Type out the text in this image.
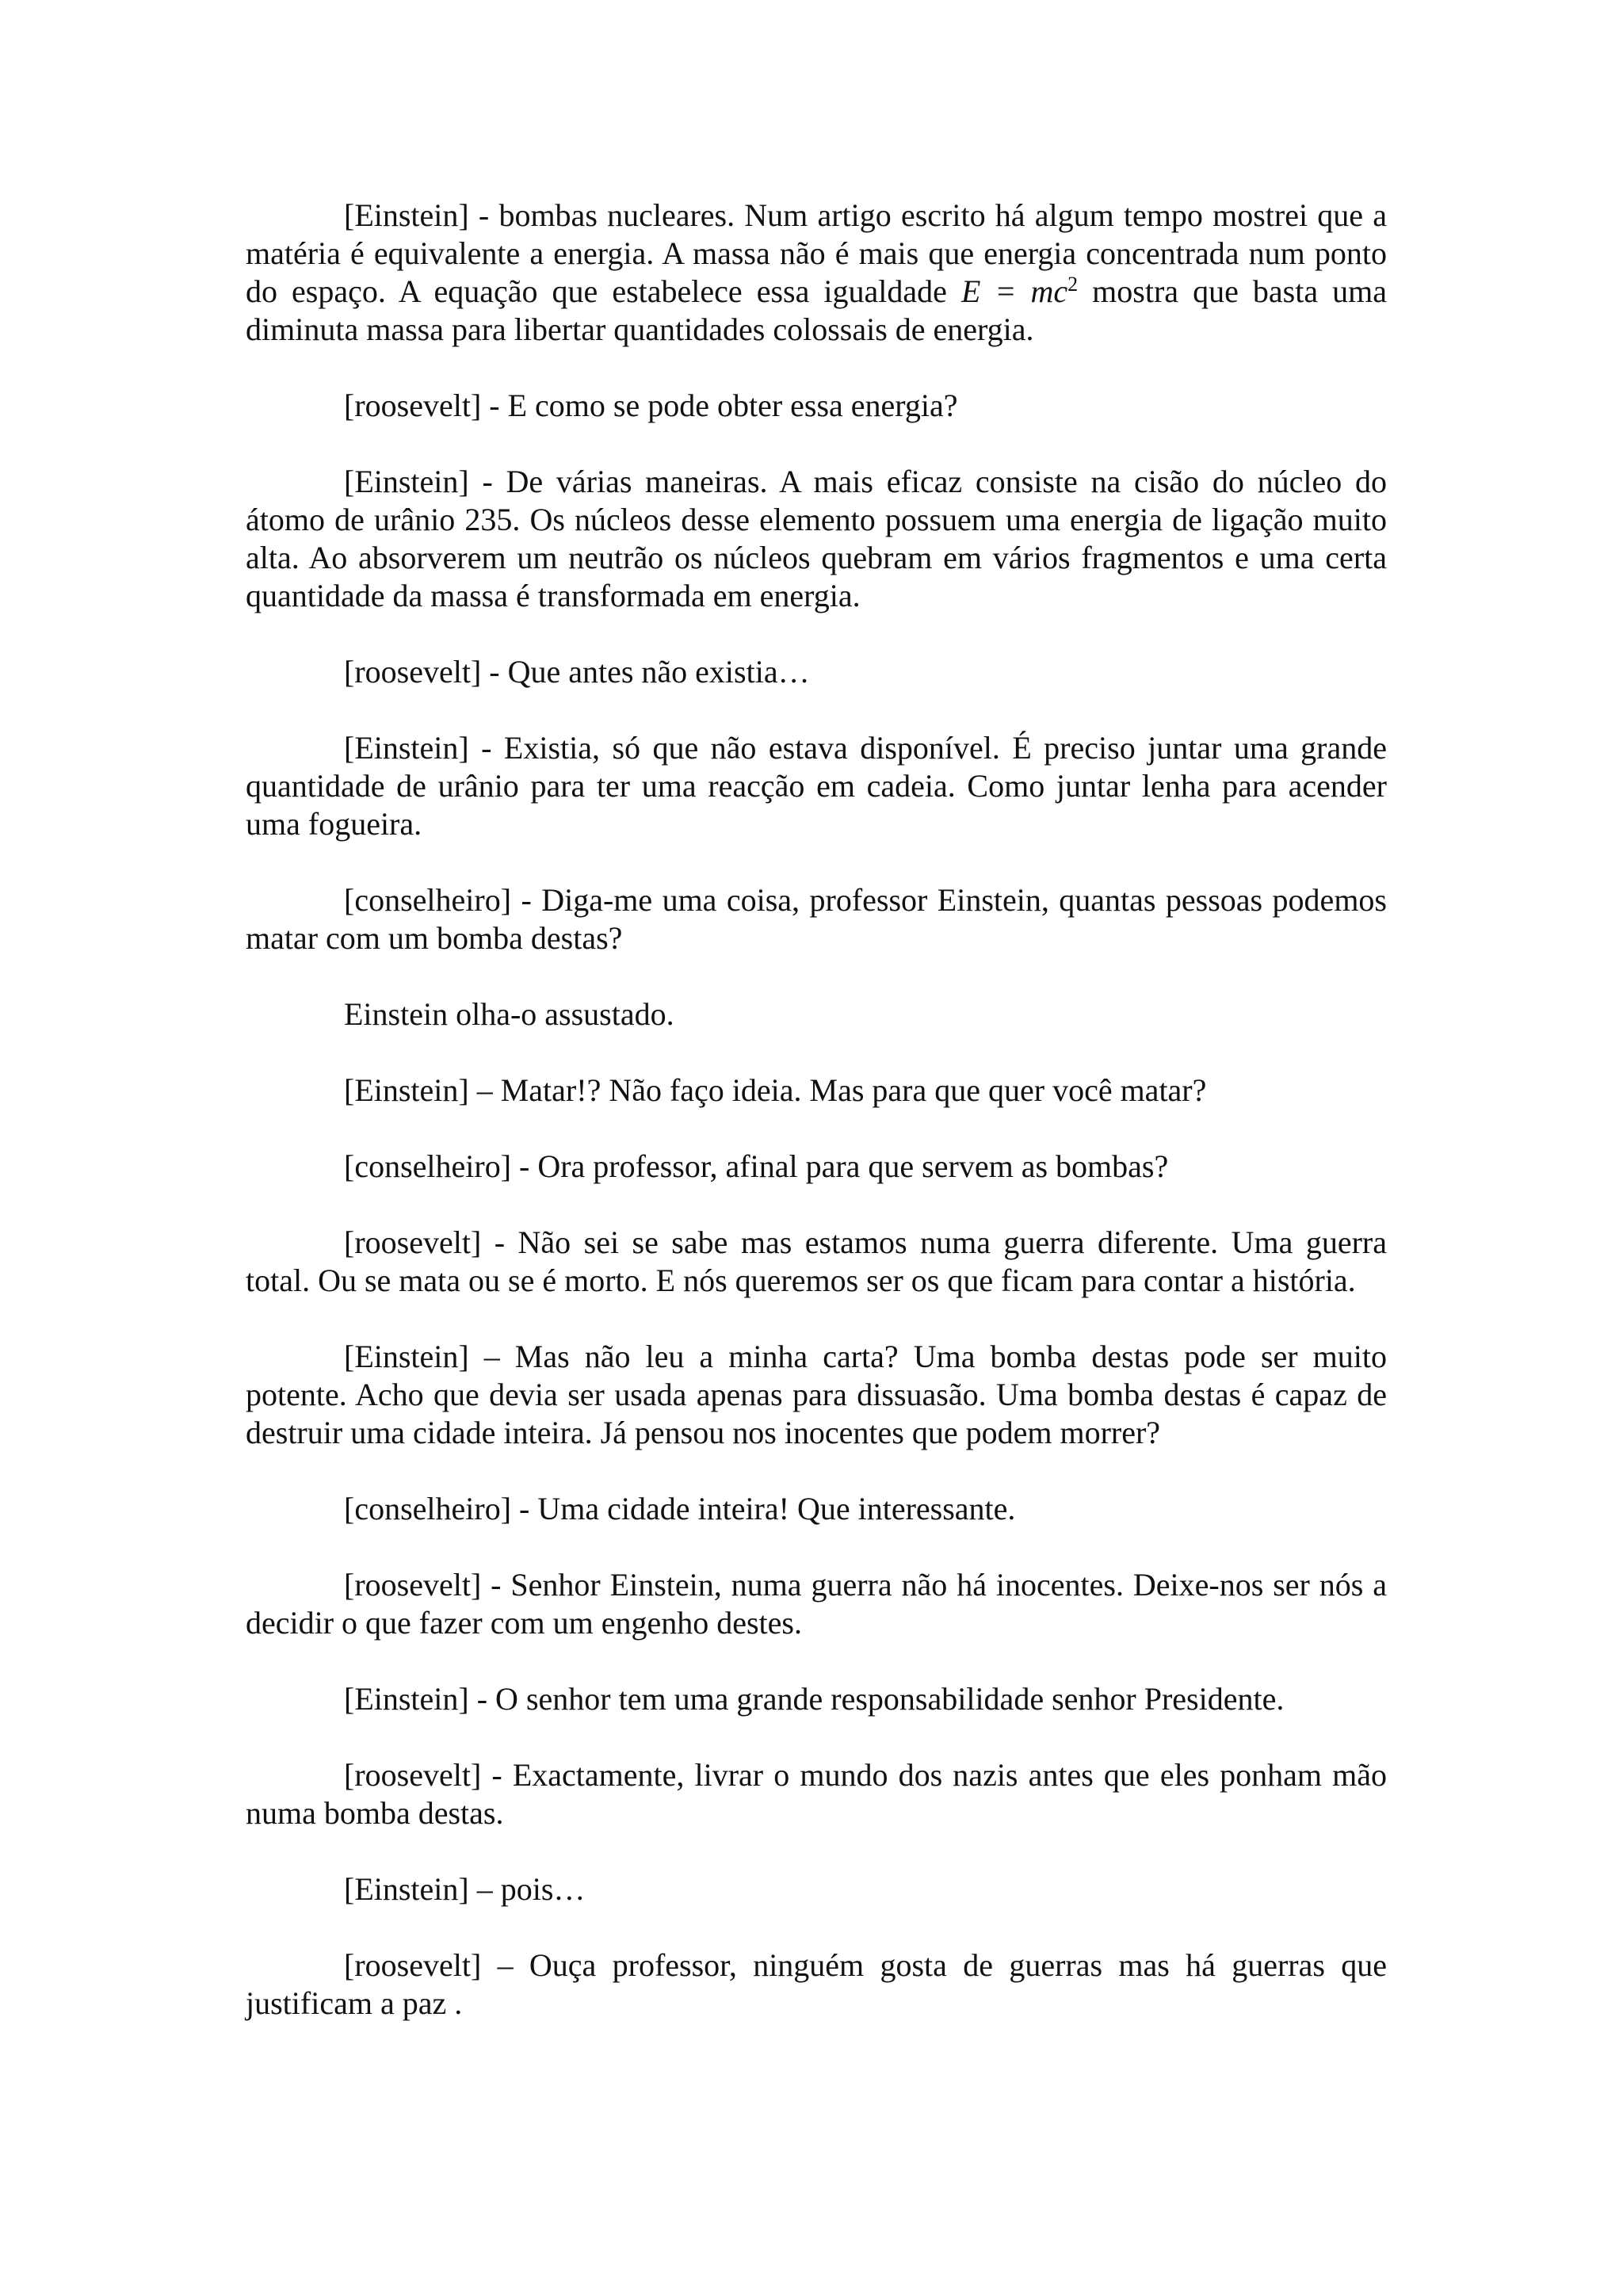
[Einstein] - bombas nucleares. Num artigo escrito há algum tempo mostrei que a matéria é equivalente a energia. A massa não é mais que energia concentrada num ponto do espaço. A equação que estabelece essa igualdade $E = mc^2$ mostra que basta uma diminuta massa para libertar quantidades colossais de energia.

[roosevelt] - E como se pode obter essa energia?

[Einstein] - De várias maneiras. A mais eficaz consiste na cisão do núcleo do átomo de urânio 235. Os núcleos desse elemento possuem uma energia de ligação muito alta. Ao absorverem um neutrão os núcleos quebram em vários fragmentos e uma certa quantidade da massa é transformada em energia.

[roosevelt] - Que antes não existia…

[Einstein] - Existia, só que não estava disponível. É preciso juntar uma grande quantidade de urânio para ter uma reacção em cadeia. Como juntar lenha para acender uma fogueira.

[conselheiro] - Diga-me uma coisa, professor Einstein, quantas pessoas podemos matar com um bomba destas?

Einstein olha-o assustado.

[Einstein] – Matar!? Não faço ideia. Mas para que quer você matar?

[conselheiro] - Ora professor, afinal para que servem as bombas?

[roosevelt] - Não sei se sabe mas estamos numa guerra diferente. Uma guerra total. Ou se mata ou se é morto. E nós queremos ser os que ficam para contar a história.

[Einstein] – Mas não leu a minha carta? Uma bomba destas pode ser muito potente. Acho que devia ser usada apenas para dissuasão. Uma bomba destas é capaz de destruir uma cidade inteira. Já pensou nos inocentes que podem morrer?

[conselheiro] - Uma cidade inteira! Que interessante.

[roosevelt] - Senhor Einstein, numa guerra não há inocentes. Deixe-nos ser nós a decidir o que fazer com um engenho destes.

[Einstein] - O senhor tem uma grande responsabilidade senhor Presidente.

[roosevelt] - Exactamente, livrar o mundo dos nazis antes que eles ponham mão numa bomba destas.

[Einstein] – pois…

[roosevelt] – Ouça professor, ninguém gosta de guerras mas há guerras que justificam a paz .
